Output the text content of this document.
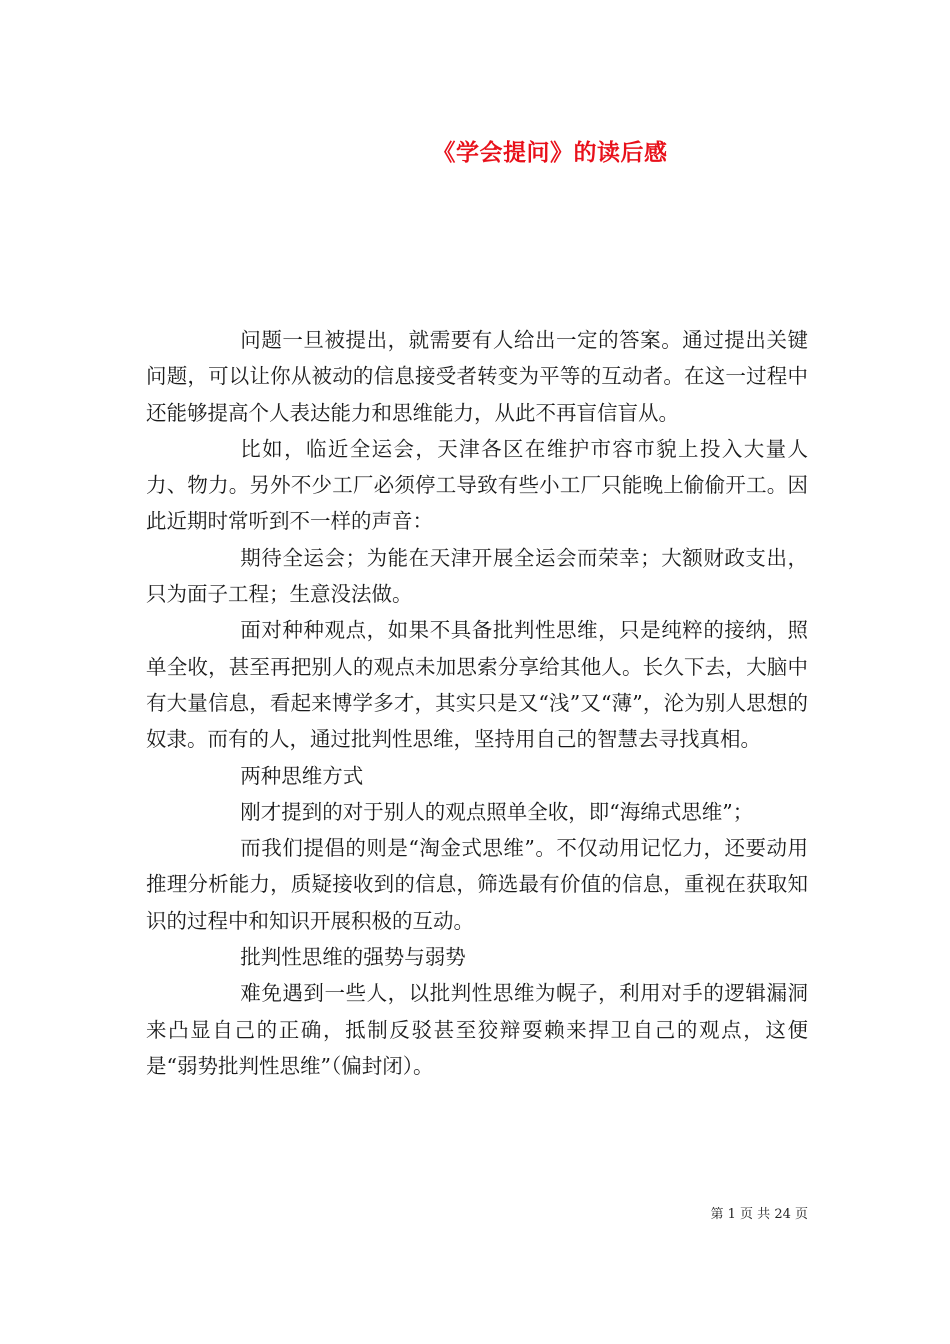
《学会提问》的读后感

问题一旦被提出，就需要有人给出一定的答案。通过提出关键问题，可以让你从被动的信息接受者转变为平等的互动者。在这一过程中还能够提高个人表达能力和思维能力，从此不再盲信盲从。

比如，临近全运会，天津各区在维护市容市貌上投入大量人力、物力。另外不少工厂必须停工导致有些小工厂只能晚上偷偷开工。因此近期时常听到不一样的声音：

期待全运会；为能在天津开展全运会而荣幸；大额财政支出，只为面子工程；生意没法做。

面对种种观点，如果不具备批判性思维，只是纯粹的接纳，照单全收，甚至再把别人的观点未加思索分享给其他人。长久下去，大脑中有大量信息，看起来博学多才，其实只是又“浅”又“薄”，沦为别人思想的奴隶。而有的人，通过批判性思维，坚持用自己的智慧去寻找真相。

两种思维方式

刚才提到的对于别人的观点照单全收，即“海绵式思维”；

而我们提倡的则是“淘金式思维”。不仅动用记忆力，还要动用推理分析能力，质疑接收到的信息，筛选最有价值的信息，重视在获取知识的过程中和知识开展积极的互动。

批判性思维的强势与弱势

难免遇到一些人，以批判性思维为幌子，利用对手的逻辑漏洞来凸显自己的正确，抵制反驳甚至狡辩耍赖来捍卫自己的观点，这便是“弱势批判性思维”（偏封闭）。

第 1 页 共 24 页
